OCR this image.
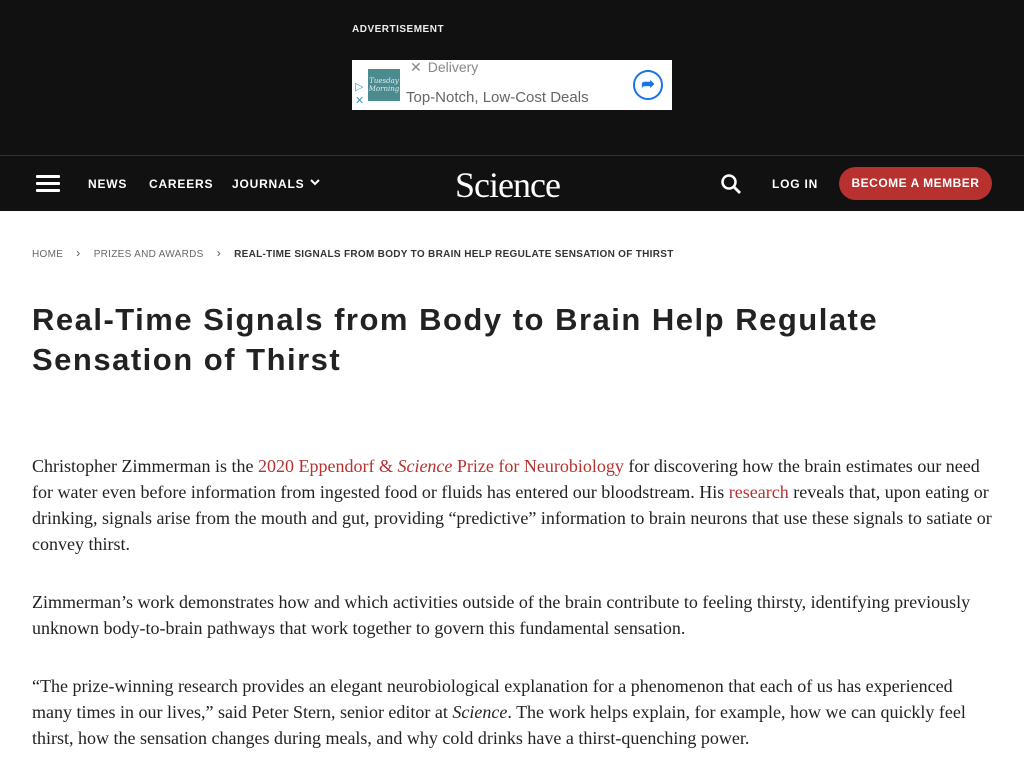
ADVERTISEMENT
▷
✕
Tuesday Morning
✕ Delivery
Top-Notch, Low-Cost Deals
➦
NEWS CAREERS JOURNALS	Science	LOG IN	BECOME A MEMBER
HOME › PRIZES AND AWARDS › REAL-TIME SIGNALS FROM BODY TO BRAIN HELP REGULATE SENSATION OF THIRST
Real-Time Signals from Body to Brain Help Regulate Sensation of Thirst

Christopher Zimmerman is the 2020 Eppendorf & Science Prize for Neurobiology for discovering how the brain estimates our need for water even before information from ingested food or fluids has entered our bloodstream. His research reveals that, upon eating or drinking, signals arise from the mouth and gut, providing “predictive” information to brain neurons that use these signals to satiate or convey thirst.

Zimmerman’s work demonstrates how and which activities outside of the brain contribute to feeling thirsty, identifying previously unknown body-to-brain pathways that work together to govern this fundamental sensation.

“The prize-winning research provides an elegant neurobiological explanation for a phenomenon that each of us has experienced many times in our lives,” said Peter Stern, senior editor at Science. The work helps explain, for example, how we can quickly feel thirst, how the sensation changes during meals, and why cold drinks have a thirst-quenching power.
